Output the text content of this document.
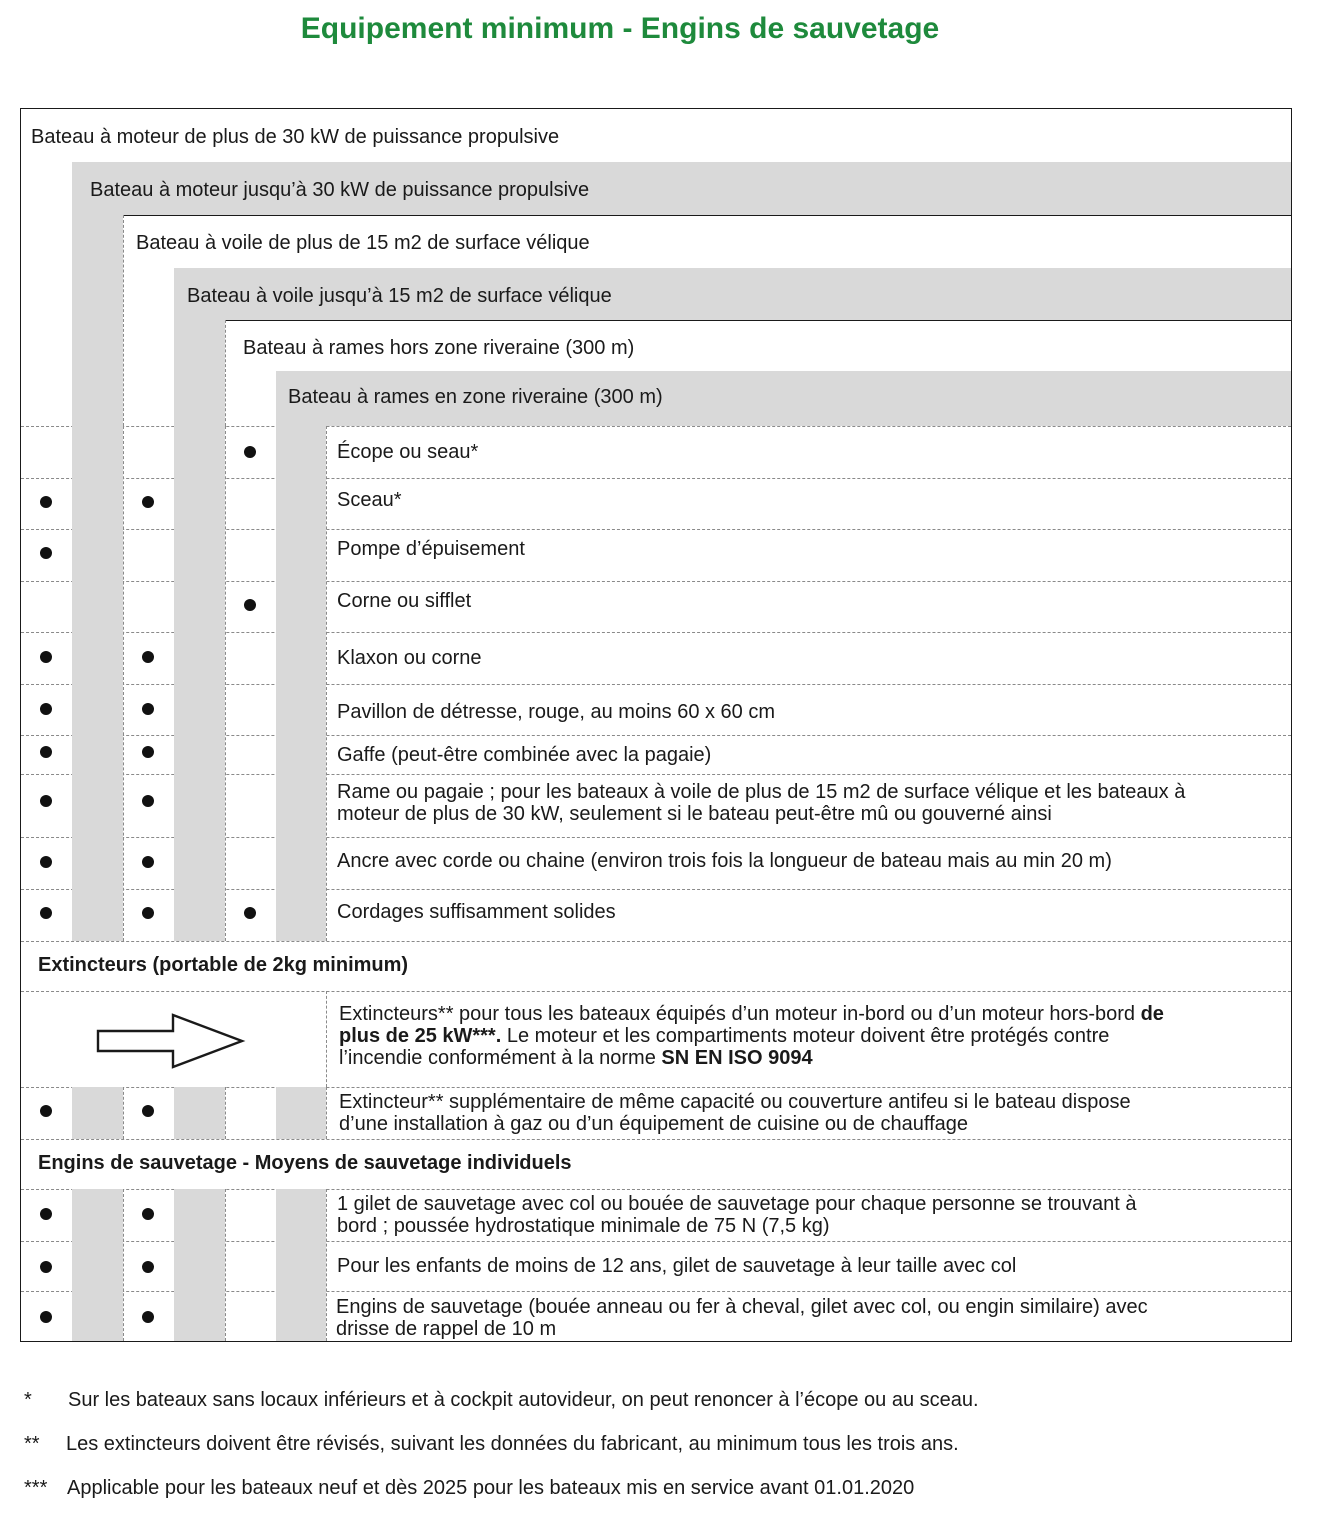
Equipement minimum - Engins de sauvetage
Bateau à moteur de plus de 30 kW de puissance propulsive
Bateau à moteur jusqu’à 30 kW de puissance propulsive
Bateau à voile de plus de 15 m2 de surface vélique
Bateau à voile jusqu’à 15 m2 de surface vélique
Bateau à rames hors zone riveraine (300 m)
Bateau à rames en zone riveraine (300 m)
Écope ou seau*
Sceau*
Pompe d’épuisement
Corne ou sifflet
Klaxon ou corne
Pavillon de détresse, rouge, au moins 60 x 60 cm
Gaffe (peut-être combinée avec la pagaie)
Rame ou pagaie ; pour les bateaux à voile de plus de 15 m2 de surface vélique et les bateaux à
moteur de plus de 30 kW, seulement si le bateau peut-être mû ou gouverné ainsi
Ancre avec corde ou chaine (environ trois fois la longueur de bateau mais au min 20 m)
Cordages suffisamment solides
Extincteurs (portable de 2kg minimum)
Extincteurs** pour tous les bateaux équipés d’un moteur in-bord ou d’un moteur hors-bord de
plus de 25 kW***. Le moteur et les compartiments moteur doivent être protégés contre
l’incendie conformément à la norme SN EN ISO 9094
Extincteur** supplémentaire de même capacité ou couverture antifeu si le bateau dispose
d’une installation à gaz ou d’un équipement de cuisine ou de chauffage
Engins de sauvetage - Moyens de sauvetage individuels
1 gilet de sauvetage avec col ou bouée de sauvetage pour chaque personne se trouvant à
bord ; poussée hydrostatique minimale de 75 N (7,5 kg)
Pour les enfants de moins de 12 ans, gilet de sauvetage à leur taille avec col
Engins de sauvetage (bouée anneau ou fer à cheval, gilet avec col, ou engin similaire) avec
drisse de rappel de 10 m
* Sur les bateaux sans locaux inférieurs et à cockpit autovideur, on peut renoncer à l’écope ou au sceau.
** Les extincteurs doivent être révisés, suivant les données du fabricant, au minimum tous les trois ans.
*** Applicable pour les bateaux neuf et dès 2025 pour les bateaux mis en service avant 01.01.2020
